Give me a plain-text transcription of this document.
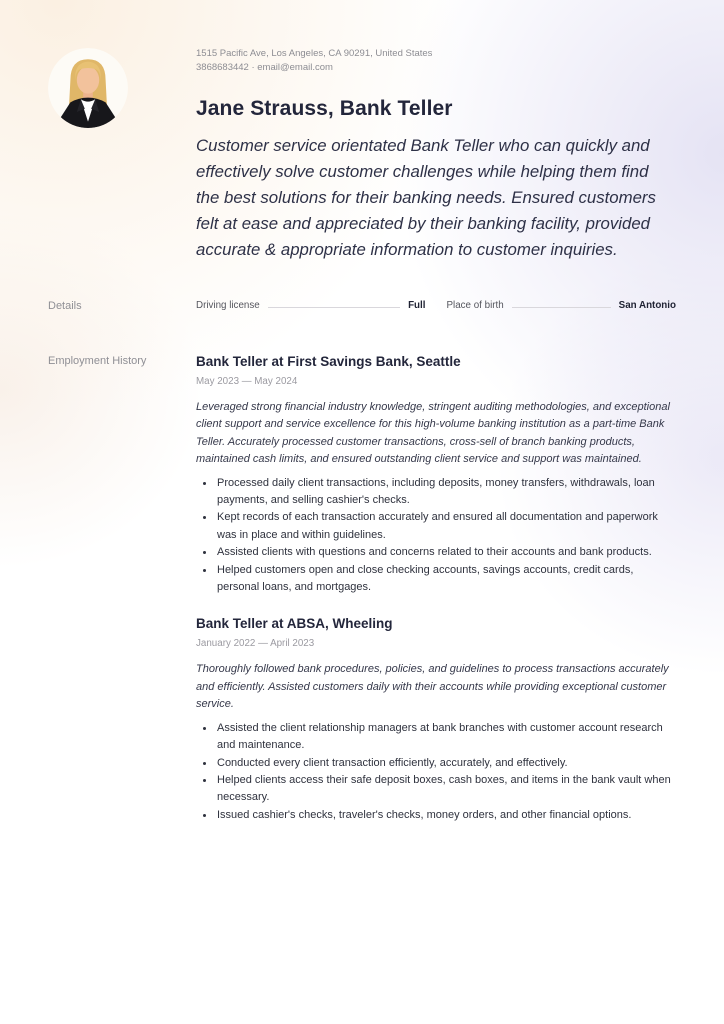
1515 Pacific Ave, Los Angeles, CA 90291, United States
3868683442 · email@email.com
Jane Strauss, Bank Teller
Customer service orientated Bank Teller who can quickly and effectively solve customer challenges while helping them find the best solutions for their banking needs. Ensured customers felt at ease and appreciated by their banking facility, provided accurate & appropriate information to customer inquiries.
Details	Driving license	Full Place of birth	San Antonio
Employment History	Bank Teller at First Savings Bank, Seattle
May 2023 — May 2024
Leveraged strong financial industry knowledge, stringent auditing methodologies, and exceptional client support and service excellence for this high-volume banking institution as a part-time Bank Teller. Accurately processed customer transactions, cross-sell of branch banking products, maintained cash limits, and ensured outstanding client service and support was maintained.
• Processed daily client transactions, including deposits, money transfers, withdrawals, loan payments, and selling cashier's checks.
• Kept records of each transaction accurately and ensured all documentation and paperwork was in place and within guidelines.
• Assisted clients with questions and concerns related to their accounts and bank products.
• Helped customers open and close checking accounts, savings accounts, credit cards, personal loans, and mortgages.
Bank Teller at ABSA, Wheeling
January 2022 — April 2023
Thoroughly followed bank procedures, policies, and guidelines to process transactions accurately and efficiently. Assisted customers daily with their accounts while providing exceptional customer service.
• Assisted the client relationship managers at bank branches with customer account research and maintenance.
• Conducted every client transaction efficiently, accurately, and effectively.
• Helped clients access their safe deposit boxes, cash boxes, and items in the bank vault when necessary.
• Issued cashier's checks, traveler's checks, money orders, and other financial options.
